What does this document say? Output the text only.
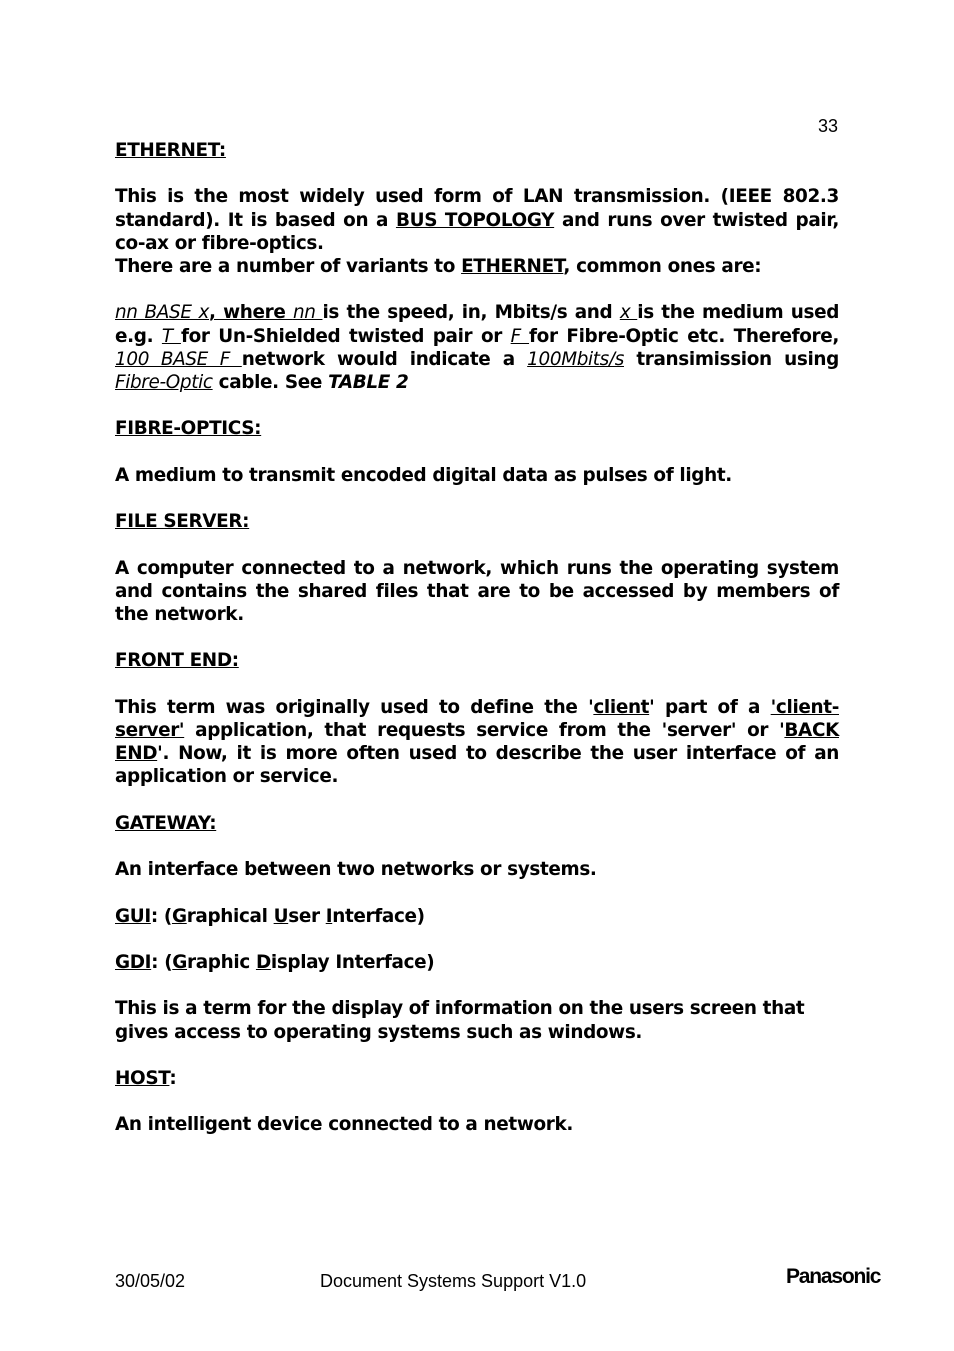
33

ETHERNET:

This is the most widely used form of LAN transmission. (IEEE 802.3 standard). It is based on a BUS TOPOLOGY and runs over twisted pair, co-ax or fibre-optics.

There are a number of variants to ETHERNET, common ones are:

nn BASE x, where nn is the speed, in, Mbits/s and x is the medium used e.g. T for Un-Shielded twisted pair or F for Fibre-Optic etc. Therefore, 100 BASE F network would indicate a 100Mbits/s transimission using Fibre-Optic cable. See TABLE 2

FIBRE-OPTICS:

A medium to transmit encoded digital data as pulses of light.

FILE SERVER:

A computer connected to a network, which runs the operating system and contains the shared files that are to be accessed by members of the network.

FRONT END:

This term was originally used to define the 'client' part of a 'client-server' application, that requests service from the 'server' or 'BACK END'. Now, it is more often used to describe the user interface of an application or service.

GATEWAY:

An interface between two networks or systems.

GUI: (Graphical User Interface)

GDI: (Graphic Display Interface)

This is a term for the display of information on the users screen that gives access to operating systems such as windows.

HOST:

An intelligent device connected to a network.

30/05/02	Document Systems Support V1.0	Panasonic
